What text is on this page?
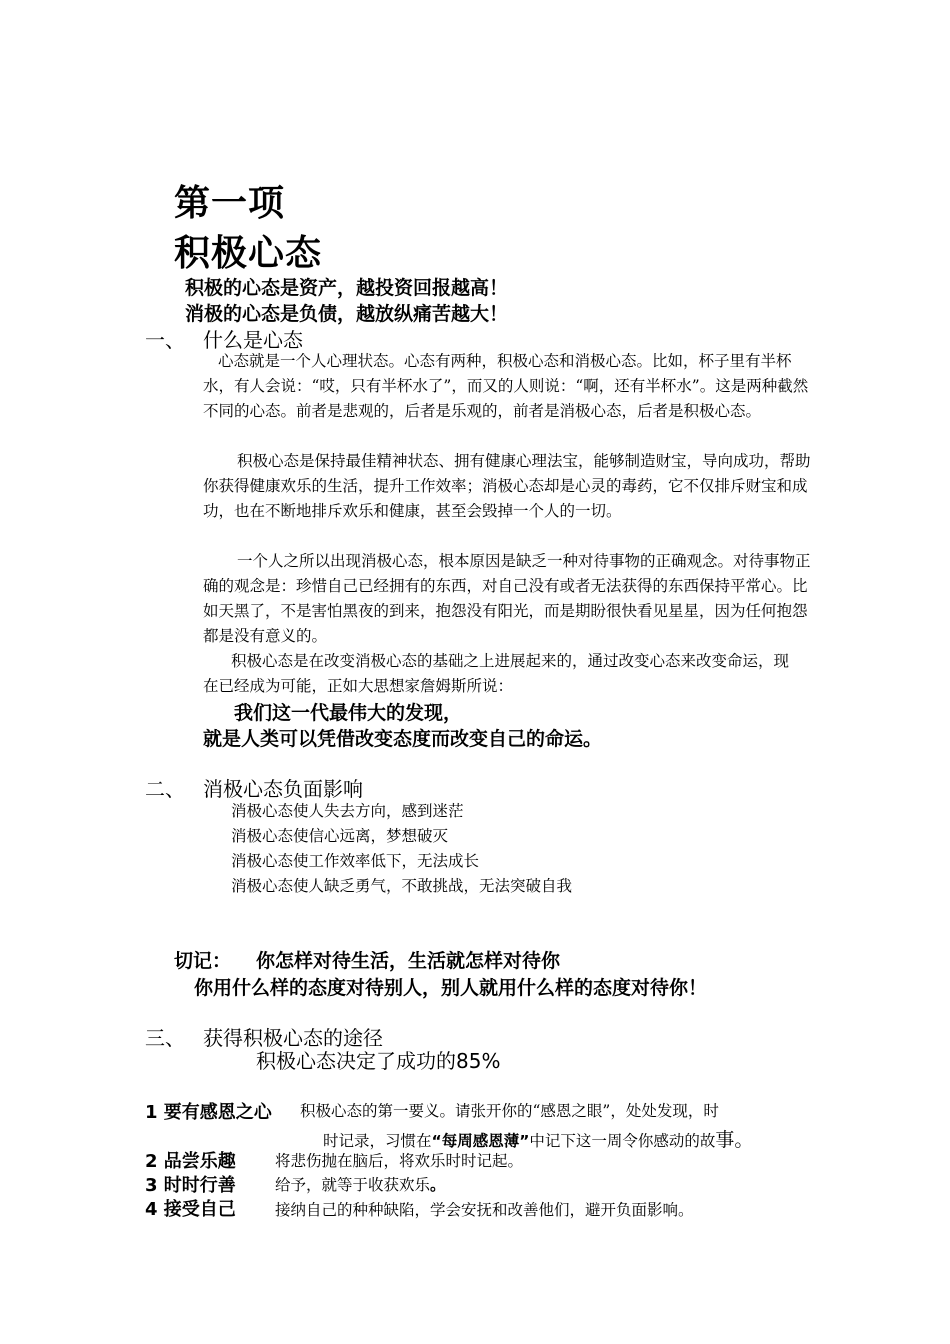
第一项
积极心态
积极的心态是资产，越投资回报越高！
消极的心态是负债，越放纵痛苦越大！
一、 什么是心态

心态就是一个人心理状态。心态有两种，积极心态和消极心态。比如，杯子里有半杯水，有人会说：“哎，只有半杯水了”，而又的人则说：“啊，还有半杯水”。这是两种截然不同的心态。前者是悲观的，后者是乐观的，前者是消极心态，后者是积极心态。

积极心态是保持最佳精神状态、拥有健康心理法宝，能够制造财宝，导向成功，帮助你获得健康欢乐的生活，提升工作效率；消极心态却是心灵的毒药，它不仅排斥财宝和成功，也在不断地排斥欢乐和健康，甚至会毁掉一个人的一切。

一个人之所以出现消极心态，根本原因是缺乏一种对待事物的正确观念。对待事物正确的观念是：珍惜自己已经拥有的东西，对自己没有或者无法获得的东西保持平常心。比如天黑了，不是害怕黑夜的到来，抱怨没有阳光，而是期盼很快看见星星，因为任何抱怨都是没有意义的。

积极心态是在改变消极心态的基础之上进展起来的，通过改变心态来改变命运，现在已经成为可能，正如大思想家詹姆斯所说：

我们这一代最伟大的发现，
就是人类可以凭借改变态度而改变自己的命运。
二、 消极心态负面影响
消极心态使人失去方向，感到迷茫
消极心态使信心远离，梦想破灭
消极心态使工作效率低下，无法成长
消极心态使人缺乏勇气，不敢挑战，无法突破自我
切记： 你怎样对待生活，生活就怎样对待你
你用什么样的态度对待别人，别人就用什么样的态度对待你！
三、 获得积极心态的途径
积极心态决定了成功的85%
1 要有感恩之心 积极心态的第一要义。请张开你的“感恩之眼”，处处发现，时
时记录，习惯在“每周感恩薄”中记下这一周令你感动的故事。
2 品尝乐趣	将悲伤抛在脑后，将欢乐时时记起。
3 时时行善	给予，就等于收获欢乐。
4 接受自己	接纳自己的种种缺陷，学会安抚和改善他们，避开负面影响。
